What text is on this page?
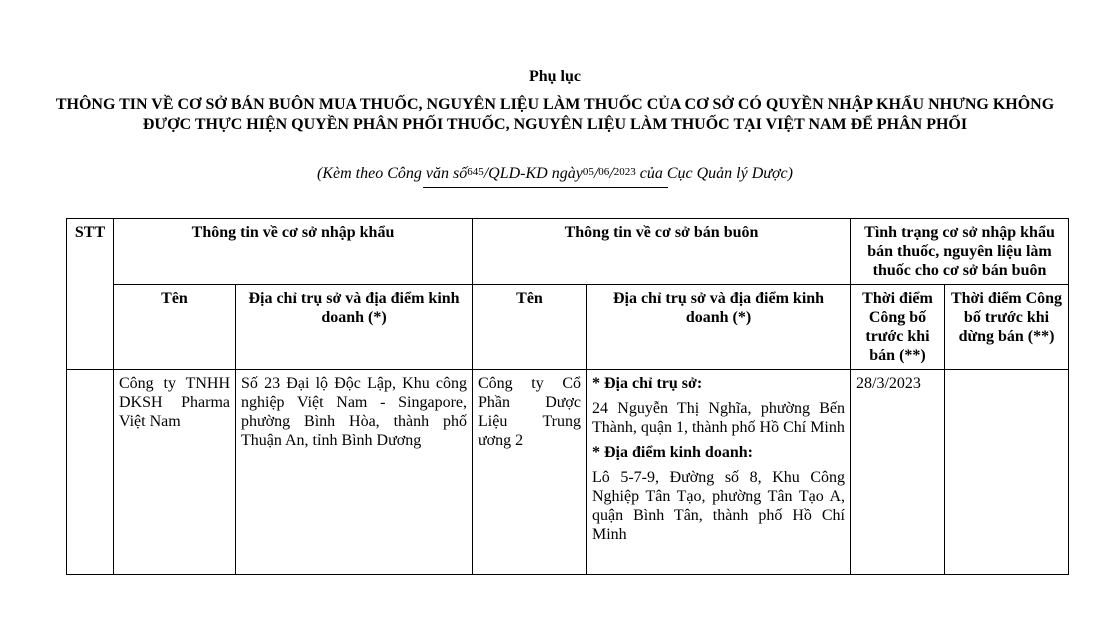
Phụ lục
THÔNG TIN VỀ CƠ SỞ BÁN BUÔN MUA THUỐC, NGUYÊN LIỆU LÀM THUỐC CỦA CƠ SỞ CÓ QUYỀN NHẬP KHẨU NHƯNG KHÔNG ĐƯỢC THỰC HIỆN QUYỀN PHÂN PHỐI THUỐC, NGUYÊN LIỆU LÀM THUỐC TẠI VIỆT NAM ĐỂ PHÂN PHỐI
(Kèm theo Công văn số645/QLD-KD ngày05/06/2023 của Cục Quản lý Dược)
STT	Thông tin về cơ sở nhập khẩu		Thông tin về cơ sở bán buôn		Tình trạng cơ sở nhập khẩu bán thuốc, nguyên liệu làm thuốc cho cơ sở bán buôn	
	Tên	Địa chỉ trụ sở và địa điểm kinh doanh (*)	Tên	Địa chỉ trụ sở và địa điểm kinh doanh (*)	Thời điểm Công bố trước khi bán (**)	Thời điểm Công bố trước khi dừng bán (**)
	Công ty TNHH DKSH Pharma Việt Nam	Số 23 Đại lộ Độc Lập, Khu công nghiệp Việt Nam - Singapore, phường Bình Hòa, thành phố Thuận An, tỉnh Bình Dương	Công ty Cổ Phần Dược Liệu Trung ương 2	* Địa chỉ trụ sở:
24 Nguyễn Thị Nghĩa, phường Bến Thành, quận 1, thành phố Hồ Chí Minh
* Địa điểm kinh doanh:
Lô 5-7-9, Đường số 8, Khu Công Nghiệp Tân Tạo, phường Tân Tạo A, quận Bình Tân, thành phố Hồ Chí Minh	28/3/2023	
